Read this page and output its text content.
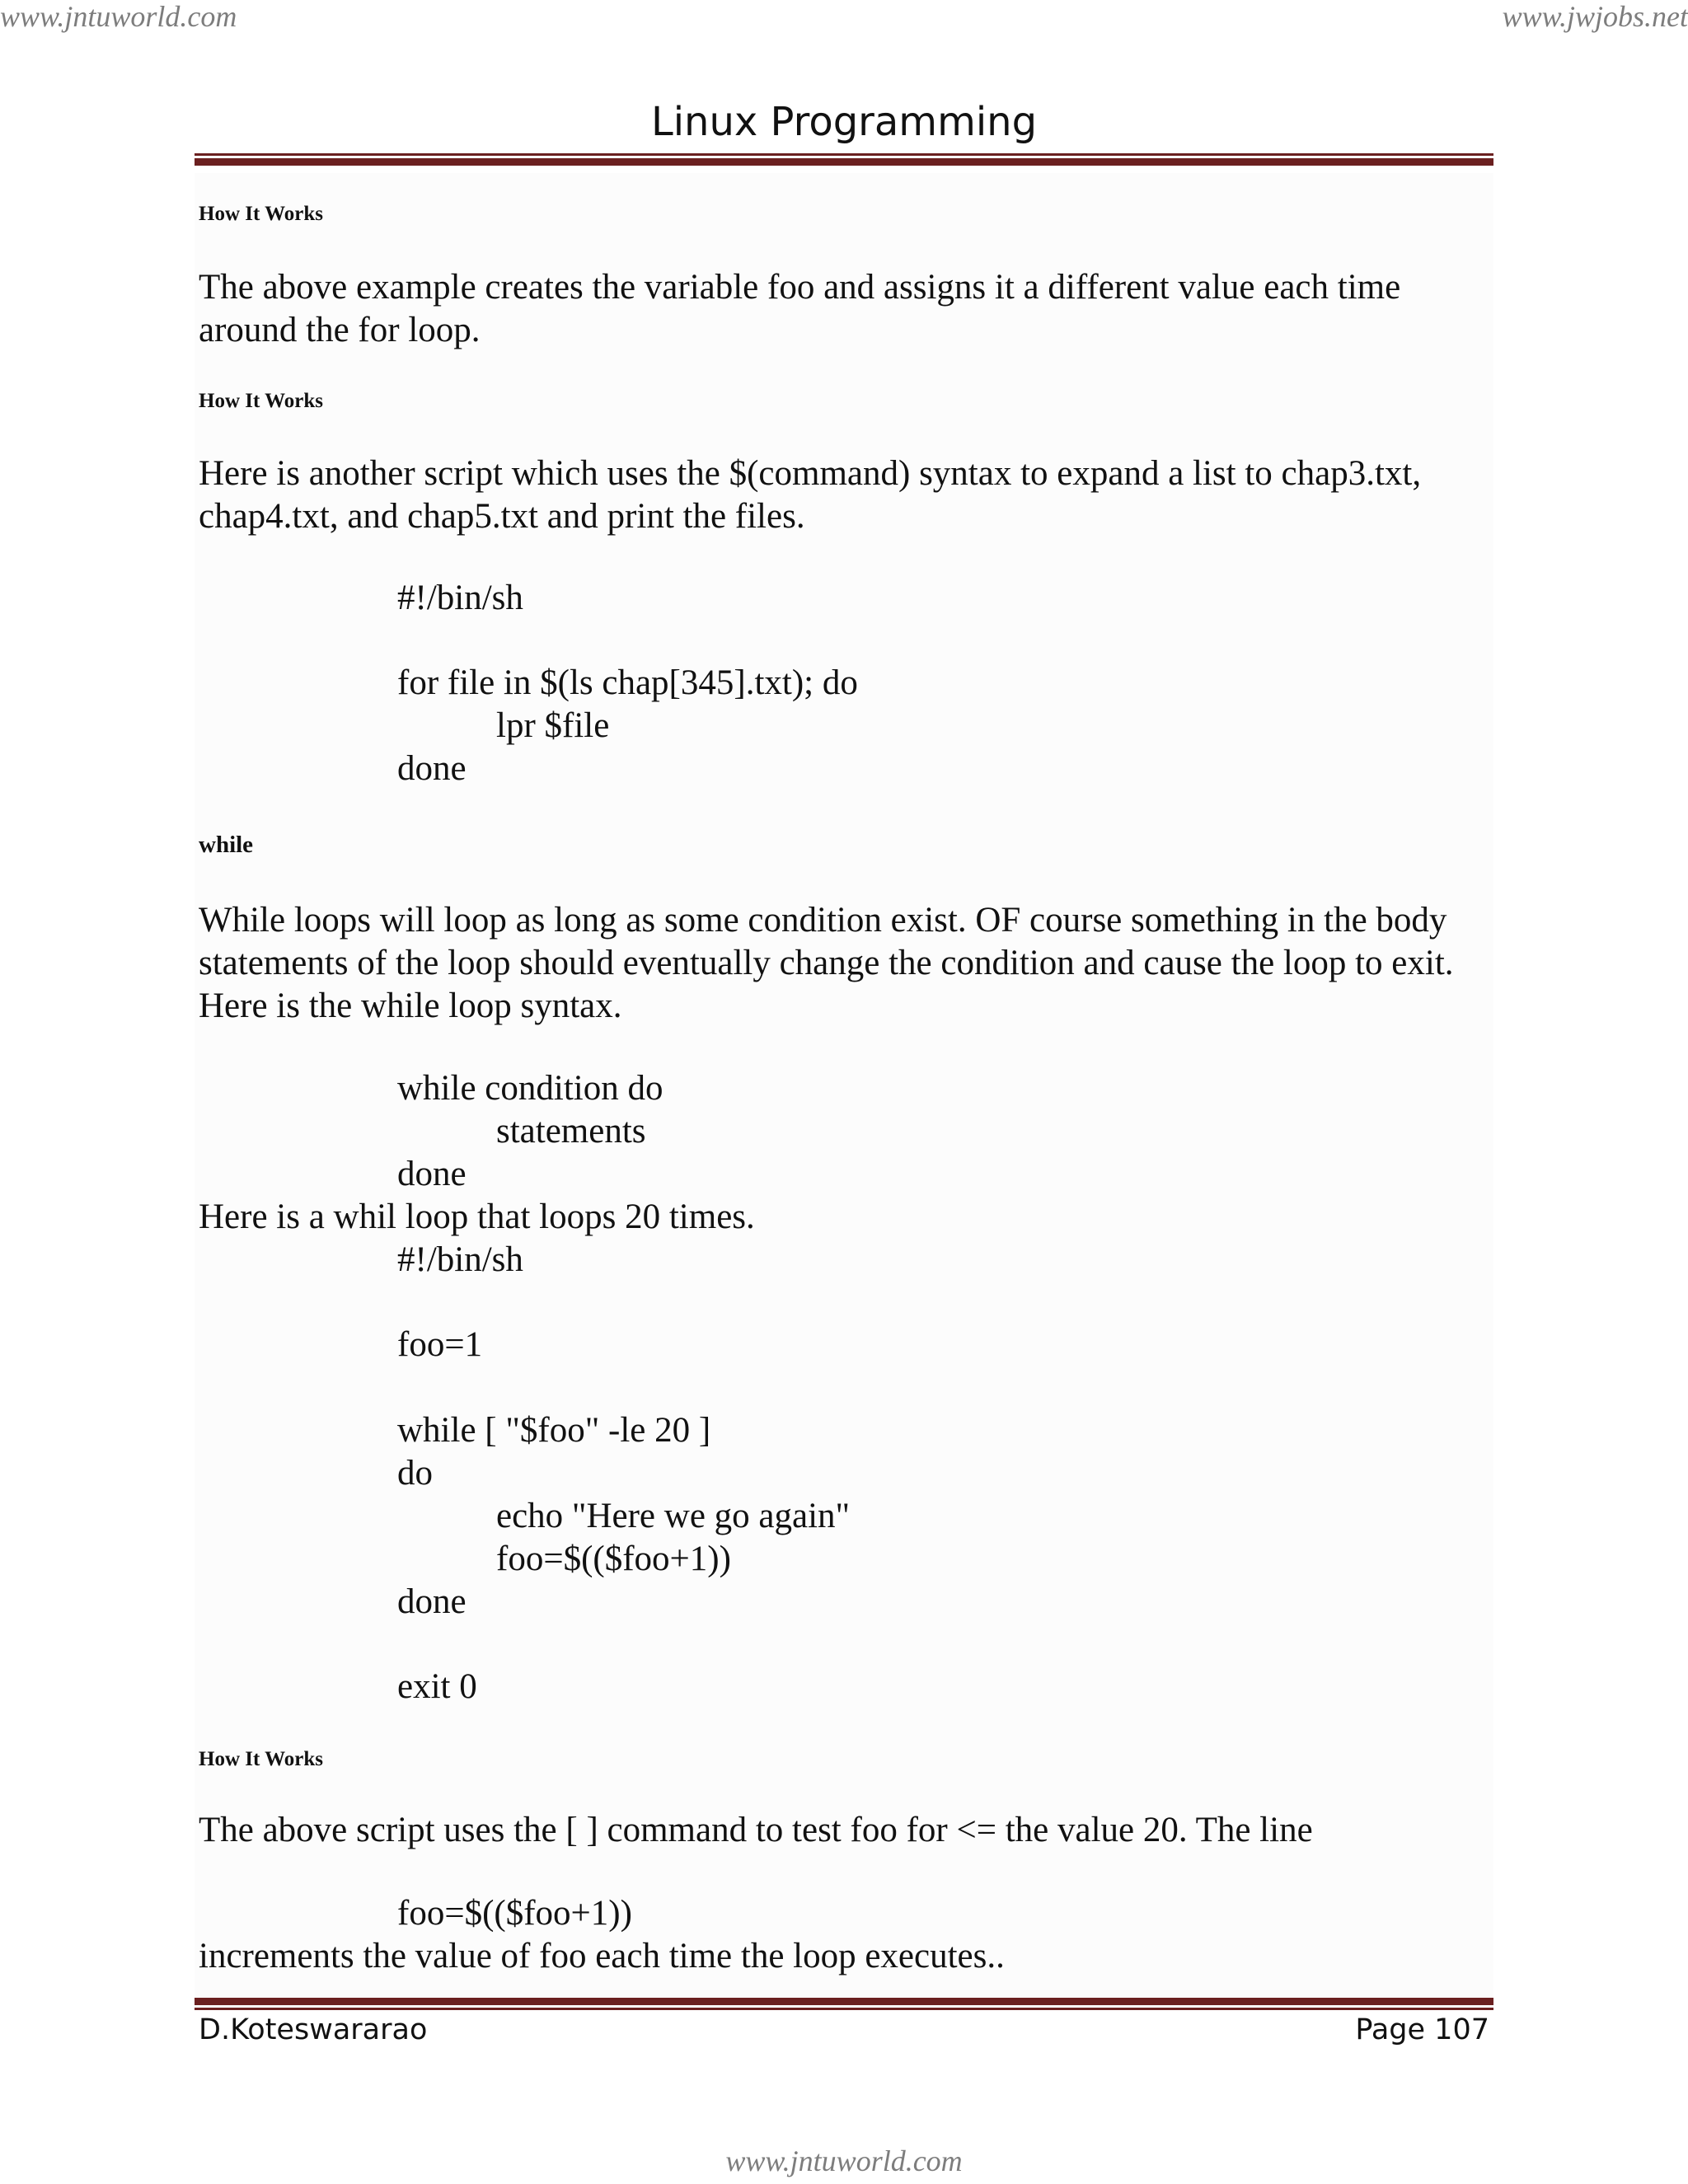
www.jntuworld.com	www.jwjobs.net
Linux Programming
How It Works
The above example creates the variable foo and assigns it a different value each time around the for loop.
How It Works
Here is another script which uses the $(command) syntax to expand a list to chap3.txt, chap4.txt, and chap5.txt and print the files.
#!/bin/sh
for file in $(ls chap[345].txt); do
lpr $file
done
while
While loops will loop as long as some condition exist. OF course something in the body statements of the loop should eventually change the condition and cause the loop to exit. Here is the while loop syntax.
while condition do
statements
done
Here is a whil loop that loops 20 times.
#!/bin/sh
foo=1
while [ "$foo" -le 20 ]
do
echo "Here we go again"
foo=$(($foo+1))
done
exit 0
How It Works
The above script uses the [ ] command to test foo for <= the value 20. The line
foo=$(($foo+1))
increments the value of foo each time the loop executes..
D.Koteswararao	Page 107
www.jntuworld.com
